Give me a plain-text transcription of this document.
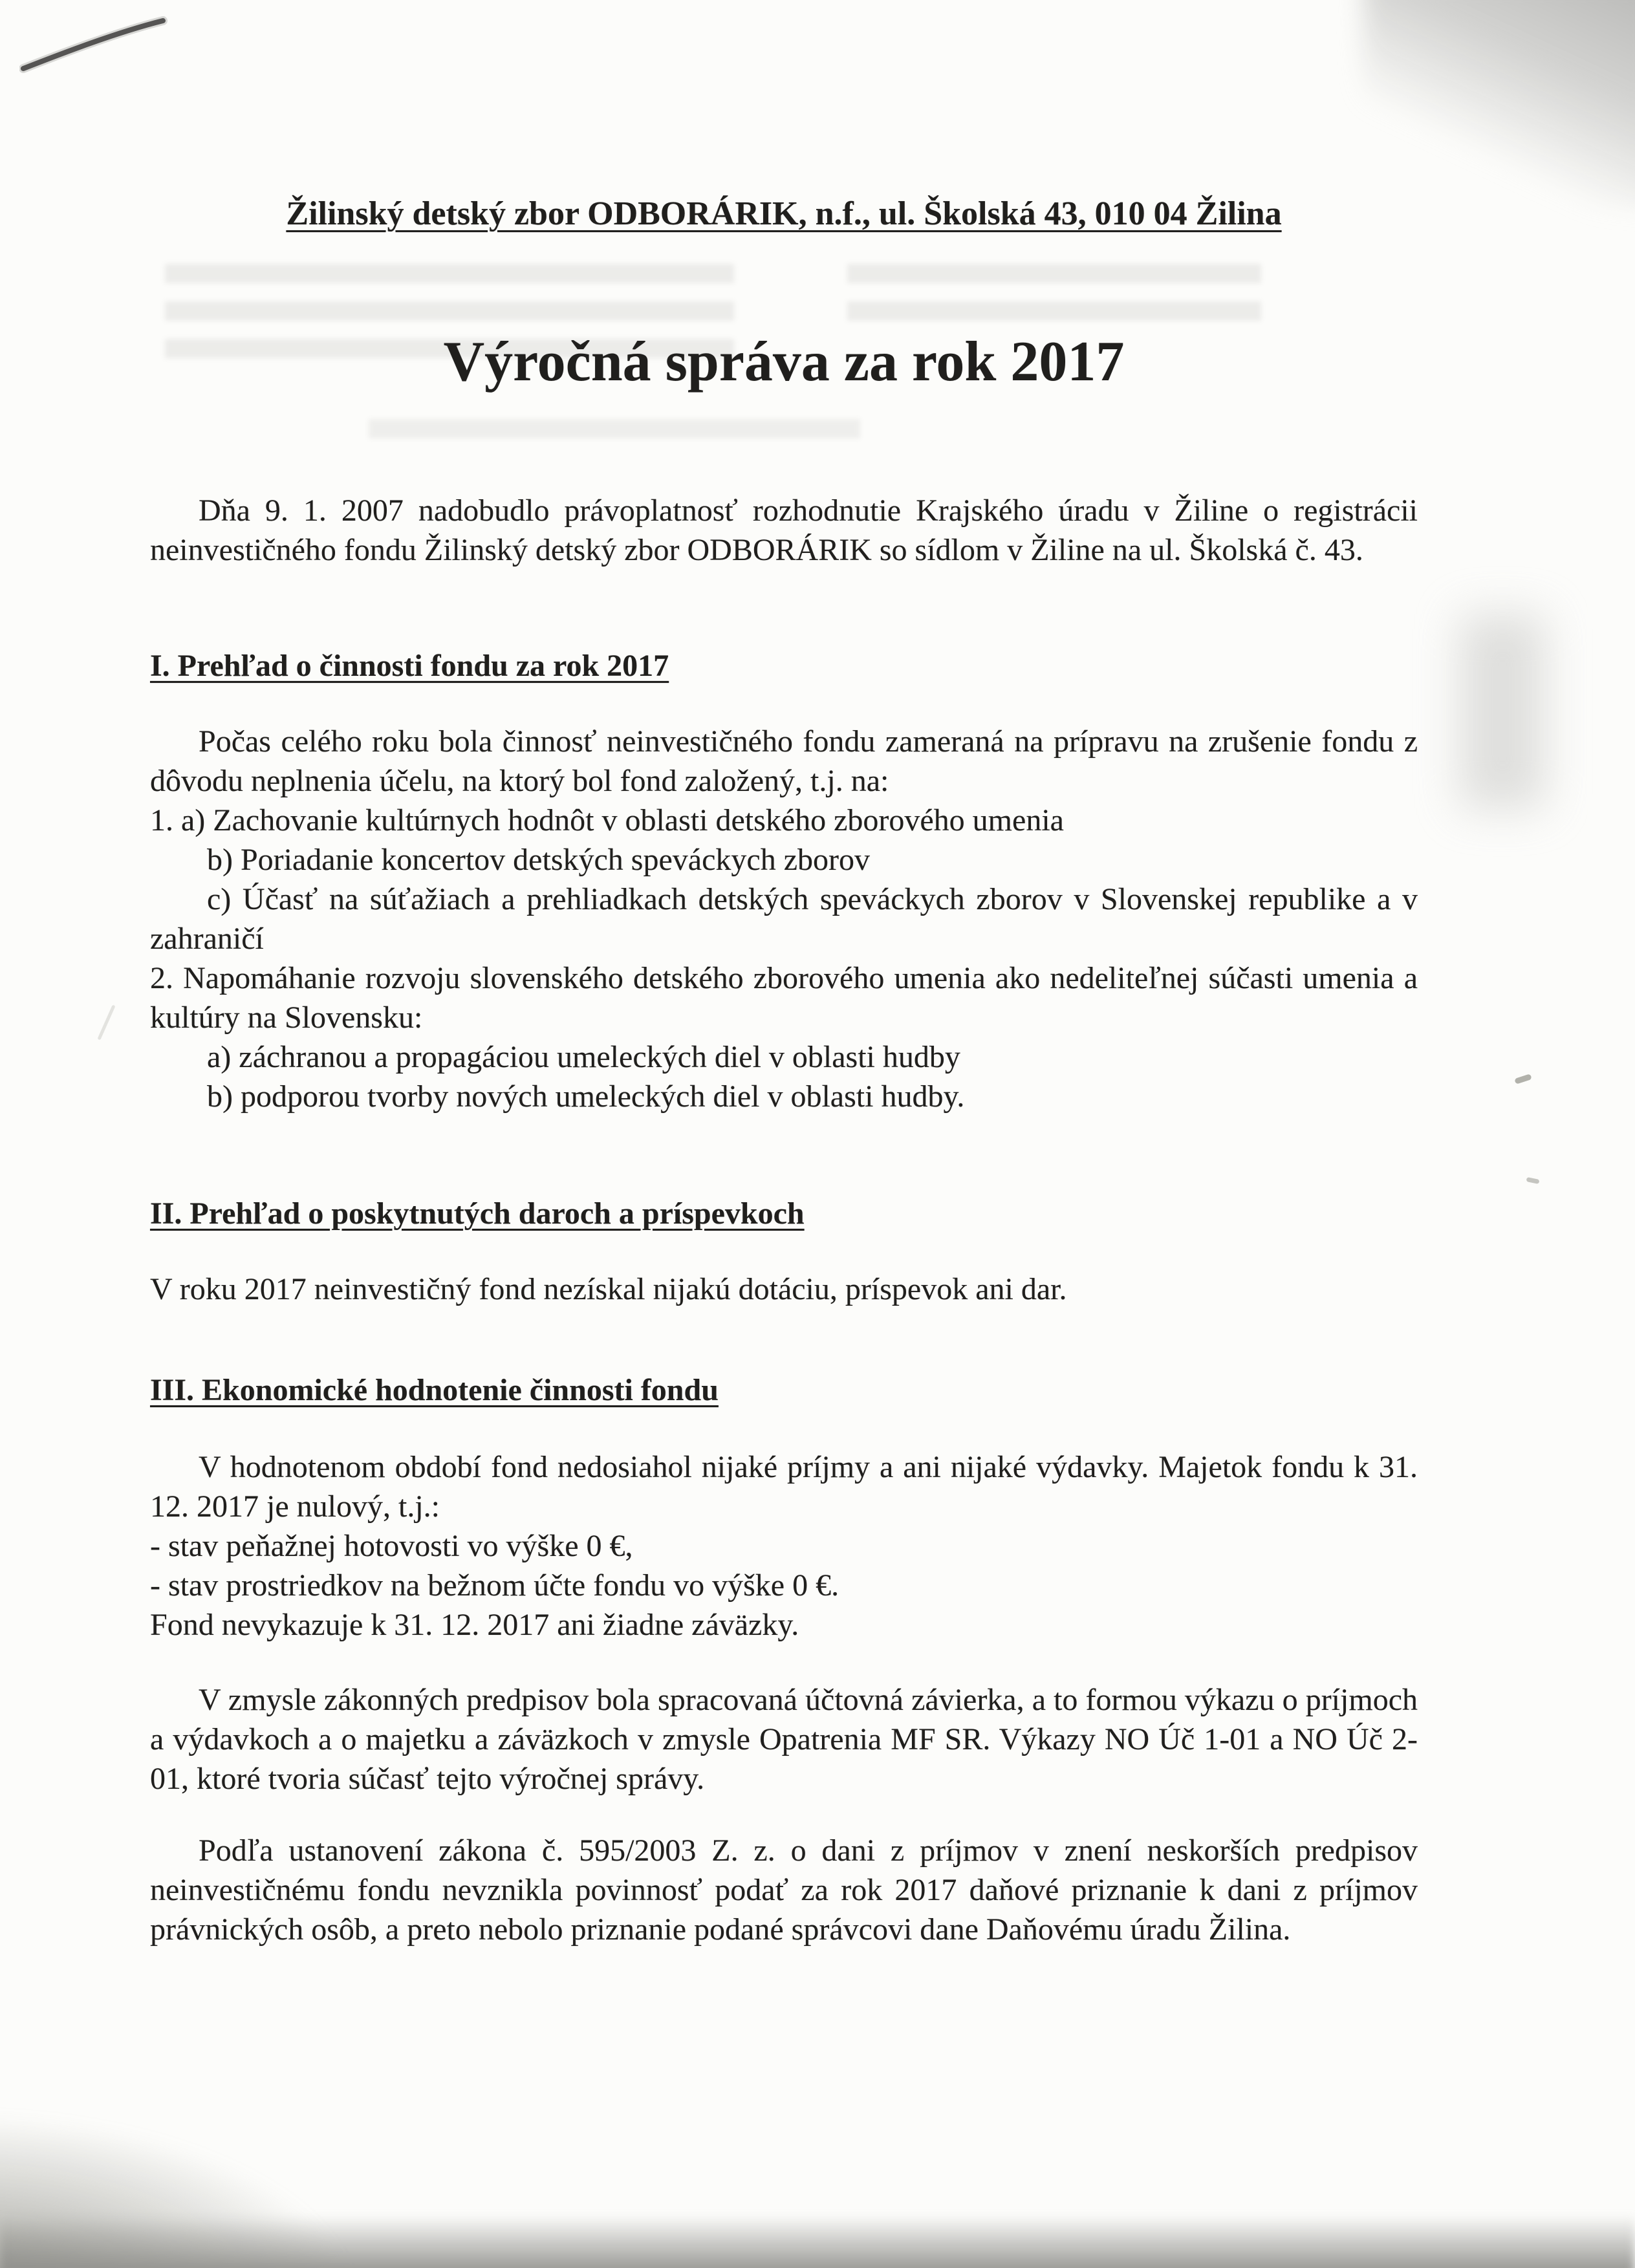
Žilinský detský zbor ODBORÁRIK, n.f., ul. Školská 43, 010 04 Žilina
Výročná správa za rok 2017

Dňa 9. 1. 2007 nadobudlo právoplatnosť rozhodnutie Krajského úradu v Žiline o registrácii neinvestičného fondu Žilinský detský zbor ODBORÁRIK so sídlom v Žiline na ul. Školská č. 43.

I. Prehľad o činnosti fondu za rok 2017

Počas celého roku bola činnosť neinvestičného fondu zameraná na prípravu na zrušenie fondu z dôvodu neplnenia účelu, na ktorý bol fond založený, t.j. na:

1. a) Zachovanie kultúrnych hodnôt v oblasti detského zborového umenia

b) Poriadanie koncertov detských speváckych zborov

c) Účasť na súťažiach a prehliadkach detských speváckych zborov v Slovenskej republike a v zahraničí

2. Napomáhanie rozvoju slovenského detského zborového umenia ako nedeliteľnej súčasti umenia a kultúry na Slovensku:

a) záchranou a propagáciou umeleckých diel v oblasti hudby

b) podporou tvorby nových umeleckých diel v oblasti hudby.

II. Prehľad o poskytnutých daroch a príspevkoch

V roku 2017 neinvestičný fond nezískal nijakú dotáciu, príspevok ani dar.

III. Ekonomické hodnotenie činnosti fondu

V hodnotenom období fond nedosiahol nijaké príjmy a ani nijaké výdavky. Majetok fondu k 31. 12. 2017 je nulový, t.j.:

- stav peňažnej hotovosti vo výške 0 €,

- stav prostriedkov na bežnom účte fondu vo výške 0 €.

Fond nevykazuje k 31. 12. 2017 ani žiadne záväzky.

V zmysle zákonných predpisov bola spracovaná účtovná závierka, a to formou výkazu o príjmoch a výdavkoch a o majetku a záväzkoch v zmysle Opatrenia MF SR. Výkazy NO Úč 1-01 a NO Úč 2-01, ktoré tvoria súčasť tejto výročnej správy.

Podľa ustanovení zákona č. 595/2003 Z. z. o dani z príjmov v znení neskorších predpisov neinvestičnému fondu nevznikla povinnosť podať za rok 2017 daňové priznanie k dani z príjmov právnických osôb, a preto nebolo priznanie podané správcovi dane Daňovému úradu Žilina.
